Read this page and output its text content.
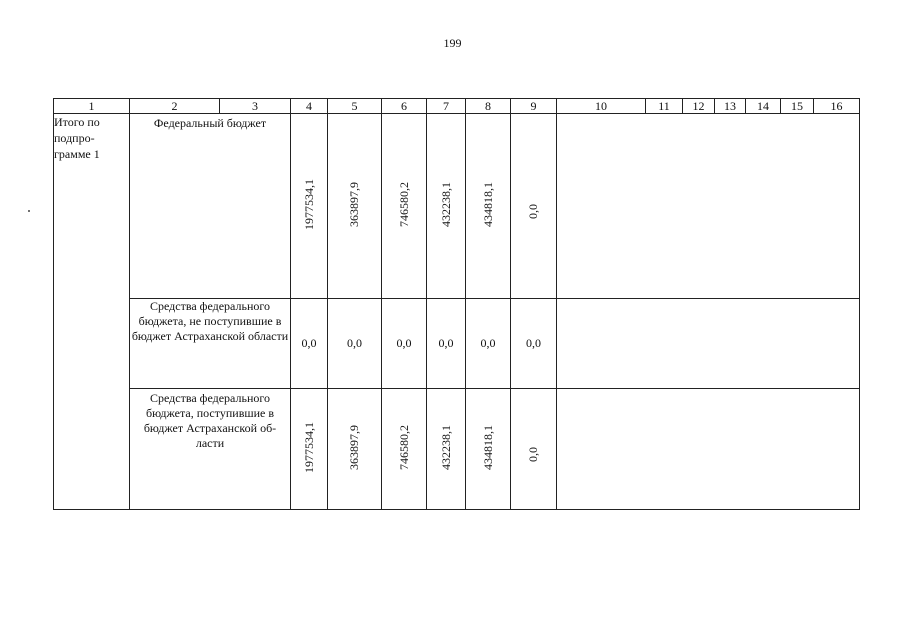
199
1	2	3	4	5	6	7	8	9	10	11	12	13	14	15	16
Итого по подпро-грамме 1	Федеральный бюджет		1977534,1	363897,9	746580,2	432238,1	434818,1	0,0							
	Средства федерального бюджета, не поступившие в бюджет Астраханской области		0,0	0,0	0,0	0,0	0,0	0,0							
	Средства федерального бюджета, поступившие в бюджет Астраханской об-ласти		1977534,1	363897,9	746580,2	432238,1	434818,1	0,0							
